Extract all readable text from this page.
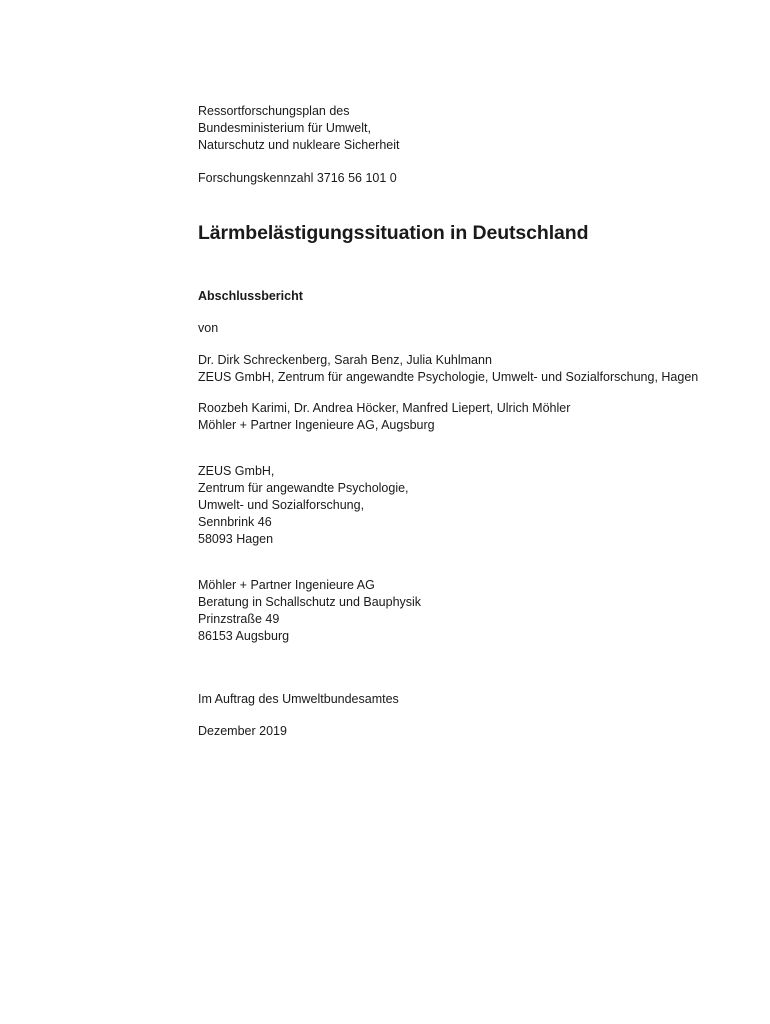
Ressortforschungsplan des

Bundesministerium für Umwelt,

Naturschutz und nukleare Sicherheit

Forschungskennzahl 3716 56 101 0

Lärmbelästigungssituation in Deutschland

Abschlussbericht

von

Dr. Dirk Schreckenberg, Sarah Benz, Julia Kuhlmann

ZEUS GmbH, Zentrum für angewandte Psychologie, Umwelt- und Sozialforschung, Hagen

Roozbeh Karimi, Dr. Andrea Höcker, Manfred Liepert, Ulrich Möhler

Möhler + Partner Ingenieure AG, Augsburg

ZEUS GmbH,

Zentrum für angewandte Psychologie,

Umwelt- und Sozialforschung,

Sennbrink 46

58093 Hagen

Möhler + Partner Ingenieure AG

Beratung in Schallschutz und Bauphysik

Prinzstraße 49

86153 Augsburg

Im Auftrag des Umweltbundesamtes

Dezember 2019
